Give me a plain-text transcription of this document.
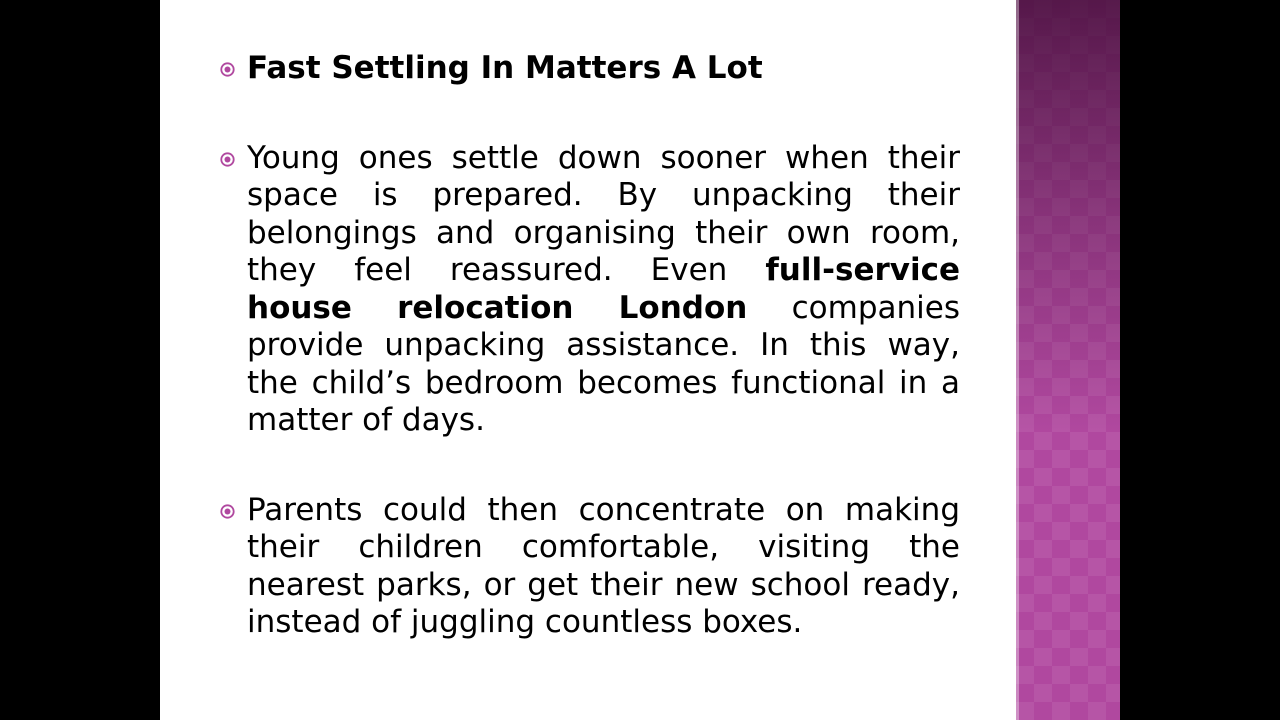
Fast Settling In Matters A Lot
Young ones settle down sooner when their space is prepared. By unpacking their belongings and organising their own room, they feel reassured. Even full-service house relocation London companies provide unpacking assistance. In this way, the child’s bedroom becomes functional in a matter of days.
Parents could then concentrate on making their children comfortable, visiting the nearest parks, or get their new school ready, instead of juggling countless boxes.
